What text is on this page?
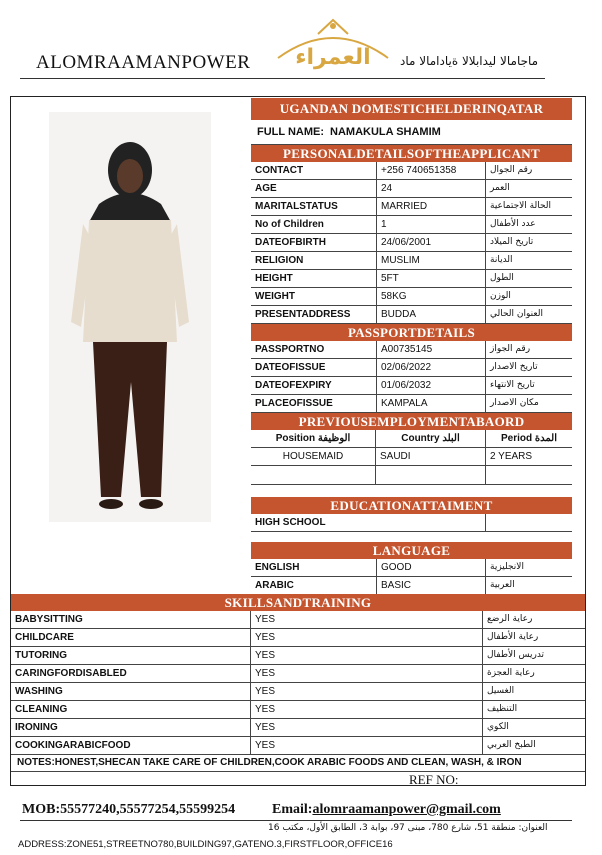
العمراء
ALOMRAAMANPOWER	ماجامالا ليدابلالا ةيادامالا ماد
UGANDAN DOMESTICHELDERINQATAR
FULL NAME: NAMAKULA SHAMIM
PERSONALDETAILSOFTHEAPPLICANT
CONTACT	+256 740651358	رقم الجوال
AGE	24	العمر
MARITALSTATUS	MARRIED	الحالة الاجتماعية
No of Children	1	عدد الأطفال
DATEOFBIRTH	24/06/2001	تاريخ الميلاد
RELIGION	MUSLIM	الديانة
HEIGHT	5FT	الطول
WEIGHT	58KG	الوزن
PRESENTADDRESS	BUDDA	العنوان الحالي
PASSPORTDETAILS
PASSPORTNO	A00735145	رقم الجواز
DATEOFISSUE	02/06/2022	تاريخ الاصدار
DATEOFEXPIRY	01/06/2032	تاريخ الانتهاء
PLACEOFISSUE	KAMPALA	مكان الاصدار
PREVIOUSEMPLOYMENTABAORD
Position الوظيفة	Country البلد	Period المدة
HOUSEMAID	SAUDI	2 YEARS
EDUCATIONATTAIMENT
HIGH SCHOOL
LANGUAGE
ENGLISH	GOOD	الانجليزية
ARABIC	BASIC	العربية
SKILLSANDTRAINING
BABYSITTING	YES	رعاية الرضع
CHILDCARE	YES	رعاية الأطفال
TUTORING	YES	تدريس الأطفال
CARINGFORDISABLED	YES	رعاية العجزة
WASHING	YES	الغسيل
CLEANING	YES	التنظيف
IRONING	YES	الكوي
COOKINGARABICFOOD	YES	الطبخ العربي
NOTES:HONEST,SHECAN TAKE CARE OF CHILDREN,COOK ARABIC FOODS AND CLEAN, WASH, & IRON
REF NO:
MOB:55577240,55577254,55599254	Email:alomraamanpower@gmail.com
العنوان: منطقة 51، شارع 780، مبنى 97، بوابة 3، الطابق الأول، مكتب 16
ADDRESS:ZONE51,STREETNO780,BUILDING97,GATENO.3,FIRSTFLOOR,OFFICE16
